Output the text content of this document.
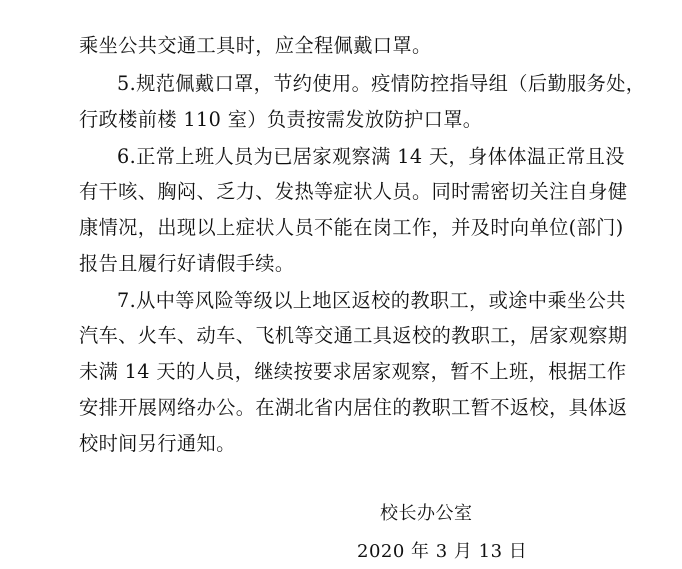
乘坐公共交通工具时，应全程佩戴口罩。
5.规范佩戴口罩，节约使用。疫情防控指导组（后勤服务处，
行政楼前楼 110 室）负责按需发放防护口罩。
6.正常上班人员为已居家观察满 14 天，身体体温正常且没
有干咳、胸闷、乏力、发热等症状人员。同时需密切关注自身健
康情况，出现以上症状人员不能在岗工作，并及时向单位(部门)
报告且履行好请假手续。
7.从中等风险等级以上地区返校的教职工，或途中乘坐公共
汽车、火车、动车、飞机等交通工具返校的教职工，居家观察期
未满 14 天的人员，继续按要求居家观察，暂不上班，根据工作
安排开展网络办公。在湖北省内居住的教职工暂不返校，具体返
校时间另行通知。
校长办公室
2020 年 3 月 13 日
